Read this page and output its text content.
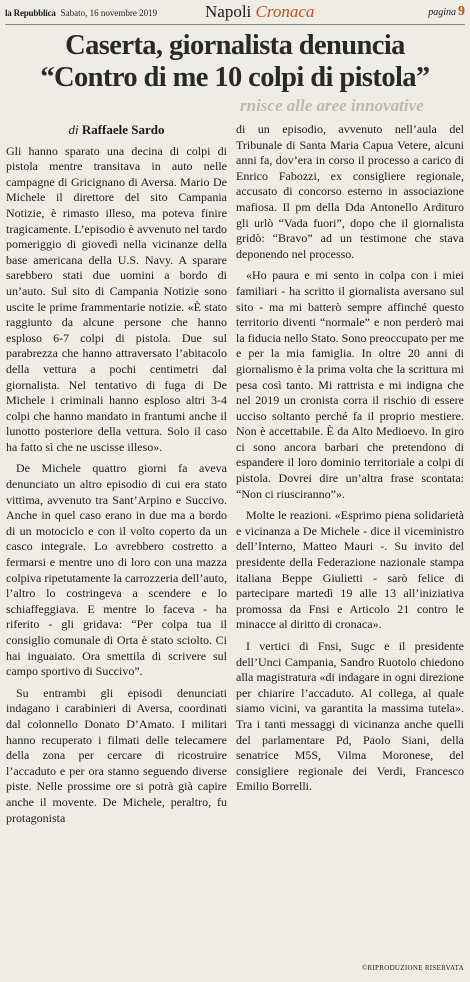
la Repubblica Sabato, 16 novembre 2019	Napoli Cronaca	pagina 9
Caserta, giornalista denuncia
“Contro di me 10 colpi di pistola”
rnisce alle aree innovative

di Raffaele Sardo

Gli hanno sparato una decina di colpi di pistola mentre transitava in auto nelle campagne di Gricignano di Aversa. Mario De Michele il direttore del sito Campania Notizie, è rimasto illeso, ma poteva finire tragicamente. L’episodio è avvenuto nel tardo pomeriggio di giovedì nella vicinanze della base americana della U.S. Navy. A sparare sarebbero stati due uomini a bordo di un’auto. Sul sito di Campania Notizie sono uscite le prime frammentarie notizie. «È stato raggiunto da alcune persone che hanno esploso 6-7 colpi di pistola. Due sul parabrezza che hanno attraversato l’abitacolo della vettura a pochi centimetri dal giornalista. Nel tentativo di fuga di De Michele i criminali hanno esploso altri 3-4 colpi che hanno mandato in frantumi anche il lunotto posteriore della vettura. Solo il caso ha fatto sì che ne uscisse illeso».

De Michele quattro giorni fa aveva denunciato un altro episodio di cui era stato vittima, avvenuto tra Sant’Arpino e Succivo. Anche in quel caso erano in due ma a bordo di un motociclo e con il volto coperto da un casco integrale. Lo avrebbero costretto a fermarsi e mentre uno di loro con una mazza colpiva ripetutamente la carrozzeria dell’auto, l’altro lo costringeva a scendere e lo schiaffeggiava. E mentre lo faceva - ha riferito - gli gridava: “Per colpa tua il consiglio comunale di Orta è stato sciolto. Ci hai inguaiato. Ora smettila di scrivere sul campo sportivo di Succivo”.

Su entrambi gli episodi denunciati indagano i carabinieri di Aversa, coordinati dal colonnello Donato D’Amato. I militari hanno recuperato i filmati delle telecamere della zona per cercare di ricostruire l’accaduto e per ora stanno seguendo diverse piste. Nelle prossime ore si potrà già capire anche il movente. De Michele, peraltro, fu protagonista

di un episodio, avvenuto nell’aula del Tribunale di Santa Maria Capua Vetere, alcuni anni fa, dov’era in corso il processo a carico di Enrico Fabozzi, ex consigliere regionale, accusato di concorso esterno in associazione mafiosa. Il pm della Dda Antonello Ardituro gli urlò “Vada fuori”, dopo che il giornalista gridò: “Bravo” ad un testimone che stava deponendo nel processo.

«Ho paura e mi sento in colpa con i miei familiari - ha scritto il giornalista aversano sul sito - ma mi batterò sempre affinché questo territorio diventi “normale” e non perderò mai la fiducia nello Stato. Sono preoccupato per me e per la mia famiglia. In oltre 20 anni di giornalismo è la prima volta che la scrittura mi pesa così tanto. Mi rattrista e mi indigna che nel 2019 un cronista corra il rischio di essere ucciso soltanto perché fa il proprio mestiere. Non è accettabile. È da Alto Medioevo. In giro ci sono ancora barbari che pretendono di espandere il loro dominio territoriale a colpi di pistola. Dovrei dire un’altra frase scontata: “Non ci riusciranno”».

Molte le reazioni. «Esprimo piena solidarietà e vicinanza a De Michele - dice il viceministro dell’Interno, Matteo Mauri -. Su invito del presidente della Federazione nazionale stampa italiana Beppe Giulietti - sarò felice di partecipare martedì 19 alle 13 all’iniziativa promossa da Fnsi e Articolo 21 contro le minacce al diritto di cronaca».

I vertici di Fnsi, Sugc e il presidente dell’Unci Campania, Sandro Ruotolo chiedono alla magistratura «di indagare in ogni direzione per chiarire l’accaduto. Al collega, al quale siamo vicini, va garantita la massima tutela». Tra i tanti messaggi di vicinanza anche quelli del parlamentare Pd, Paolo Siani, della senatrice M5S, Vilma Moronese, del consigliere regionale dei Verdi, Francesco Emilio Borrelli.

©RIPRODUZIONE RISERVATA
